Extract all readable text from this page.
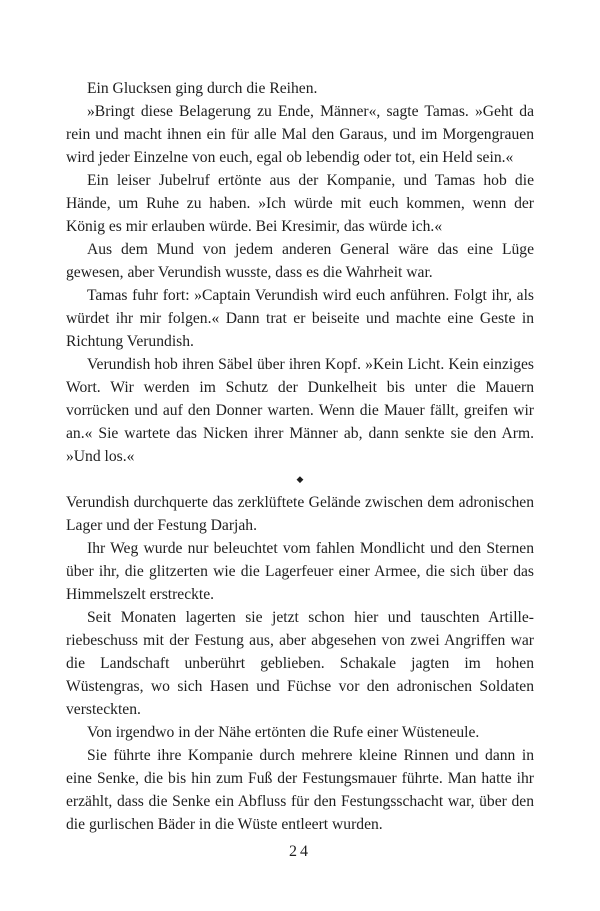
Ein Glucksen ging durch die Reihen.

»Bringt diese Belagerung zu Ende, Männer«, sagte Tamas. »Geht da rein und macht ihnen ein für alle Mal den Garaus, und im Morgengrauen wird jeder Einzelne von euch, egal ob lebendig oder tot, ein Held sein.«

Ein leiser Jubelruf ertönte aus der Kompanie, und Tamas hob die Hände, um Ruhe zu haben. »Ich würde mit euch kommen, wenn der König es mir erlauben würde. Bei Kresimir, das würde ich.«

Aus dem Mund von jedem anderen General wäre das eine Lüge gewesen, aber Verundish wusste, dass es die Wahrheit war.

Tamas fuhr fort: »Captain Verundish wird euch anführen. Folgt ihr, als würdet ihr mir folgen.« Dann trat er beiseite und machte eine Geste in Richtung Verundish.

Verundish hob ihren Säbel über ihren Kopf. »Kein Licht. Kein einziges Wort. Wir werden im Schutz der Dunkelheit bis unter die Mauern vorrücken und auf den Donner warten. Wenn die Mauer fällt, greifen wir an.« Sie wartete das Nicken ihrer Männer ab, dann senkte sie den Arm. »Und los.«

◆

Verundish durchquerte das zerklüftete Gelände zwischen dem adronischen Lager und der Festung Darjah.

Ihr Weg wurde nur beleuchtet vom fahlen Mondlicht und den Sternen über ihr, die glitzerten wie die Lagerfeuer einer Armee, die sich über das Himmelszelt erstreckte.

Seit Monaten lagerten sie jetzt schon hier und tauschten Artilleriebeschuss mit der Festung aus, aber abgesehen von zwei Angriffen war die Landschaft unberührt geblieben. Schakale jagten im hohen Wüstengras, wo sich Hasen und Füchse vor den adronischen Soldaten versteckten.

Von irgendwo in der Nähe ertönten die Rufe einer Wüsteneule.

Sie führte ihre Kompanie durch mehrere kleine Rinnen und dann in eine Senke, die bis hin zum Fuß der Festungsmauer führte. Man hatte ihr erzählt, dass die Senke ein Abfluss für den Festungsschacht war, über den die gurlischen Bäder in die Wüste entleert wurden.

24
